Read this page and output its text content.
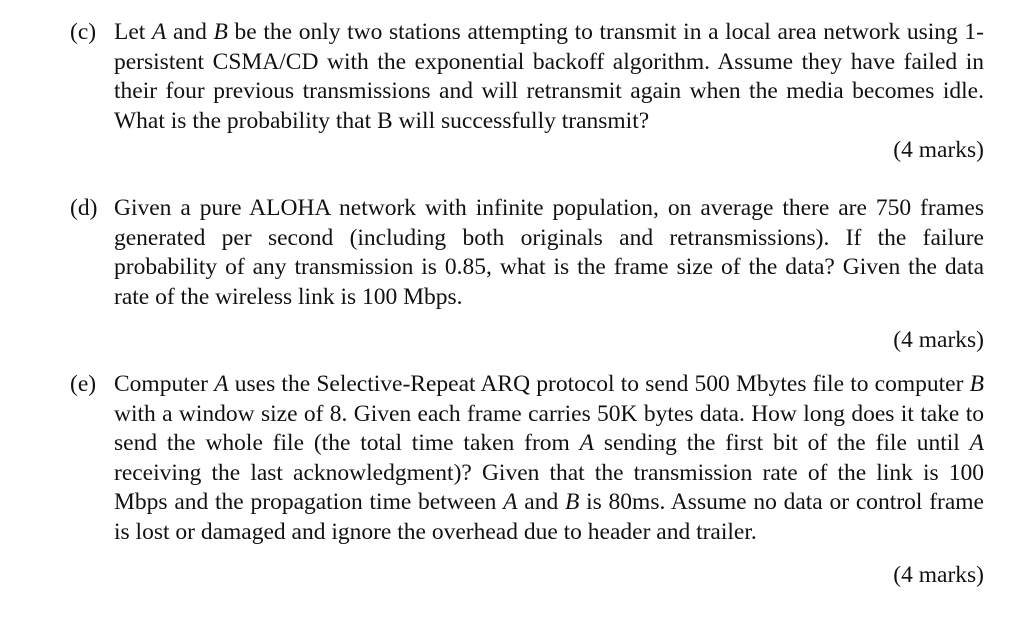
(c) Let A and B be the only two stations attempting to transmit in a local area network using 1-persistent CSMA/CD with the exponential backoff algorithm. Assume they have failed in their four previous transmissions and will retransmit again when the media becomes idle. What is the probability that B will successfully transmit?
(4 marks)
(d) Given a pure ALOHA network with infinite population, on average there are 750 frames generated per second (including both originals and retransmissions). If the failure probability of any transmission is 0.85, what is the frame size of the data? Given the data rate of the wireless link is 100 Mbps.
(4 marks)
(e) Computer A uses the Selective-Repeat ARQ protocol to send 500 Mbytes file to computer B with a window size of 8. Given each frame carries 50K bytes data. How long does it take to send the whole file (the total time taken from A sending the first bit of the file until A receiving the last acknowledgment)? Given that the transmission rate of the link is 100 Mbps and the propagation time between A and B is 80ms. Assume no data or control frame is lost or damaged and ignore the overhead due to header and trailer.
(4 marks)
